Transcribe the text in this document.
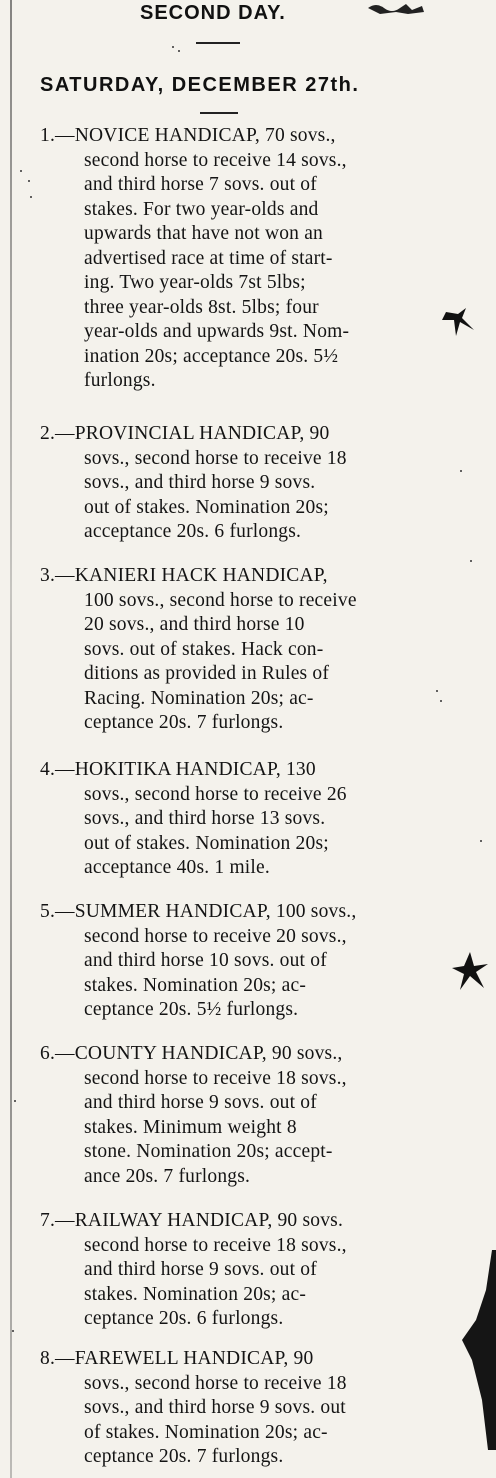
SECOND DAY.
SATURDAY, DECEMBER 27th.
1.—NOVICE HANDICAP, 70 sovs.,
second horse to receive 14 sovs.,
and third horse 7 sovs. out of
stakes. For two year-olds and
upwards that have not won an
advertised race at time of start-
ing. Two year-olds 7st 5lbs;
three year-olds 8st. 5lbs; four
year-olds and upwards 9st. Nom-
ination 20s; acceptance 20s. 5½
furlongs.
2.—PROVINCIAL HANDICAP, 90
sovs., second horse to receive 18
sovs., and third horse 9 sovs.
out of stakes. Nomination 20s;
acceptance 20s. 6 furlongs.
3.—KANIERI HACK HANDICAP,
100 sovs., second horse to receive
20 sovs., and third horse 10
sovs. out of stakes. Hack con-
ditions as provided in Rules of
Racing. Nomination 20s; ac-
ceptance 20s. 7 furlongs.
4.—HOKITIKA HANDICAP, 130
sovs., second horse to receive 26
sovs., and third horse 13 sovs.
out of stakes. Nomination 20s;
acceptance 40s. 1 mile.
5.—SUMMER HANDICAP, 100 sovs.,
second horse to receive 20 sovs.,
and third horse 10 sovs. out of
stakes. Nomination 20s; ac-
ceptance 20s. 5½ furlongs.
6.—COUNTY HANDICAP, 90 sovs.,
second horse to receive 18 sovs.,
and third horse 9 sovs. out of
stakes. Minimum weight 8
stone. Nomination 20s; accept-
ance 20s. 7 furlongs.
7.—RAILWAY HANDICAP, 90 sovs.
second horse to receive 18 sovs.,
and third horse 9 sovs. out of
stakes. Nomination 20s; ac-
ceptance 20s. 6 furlongs.
8.—FAREWELL HANDICAP, 90
sovs., second horse to receive 18
sovs., and third horse 9 sovs. out
of stakes. Nomination 20s; ac-
ceptance 20s. 7 furlongs.
